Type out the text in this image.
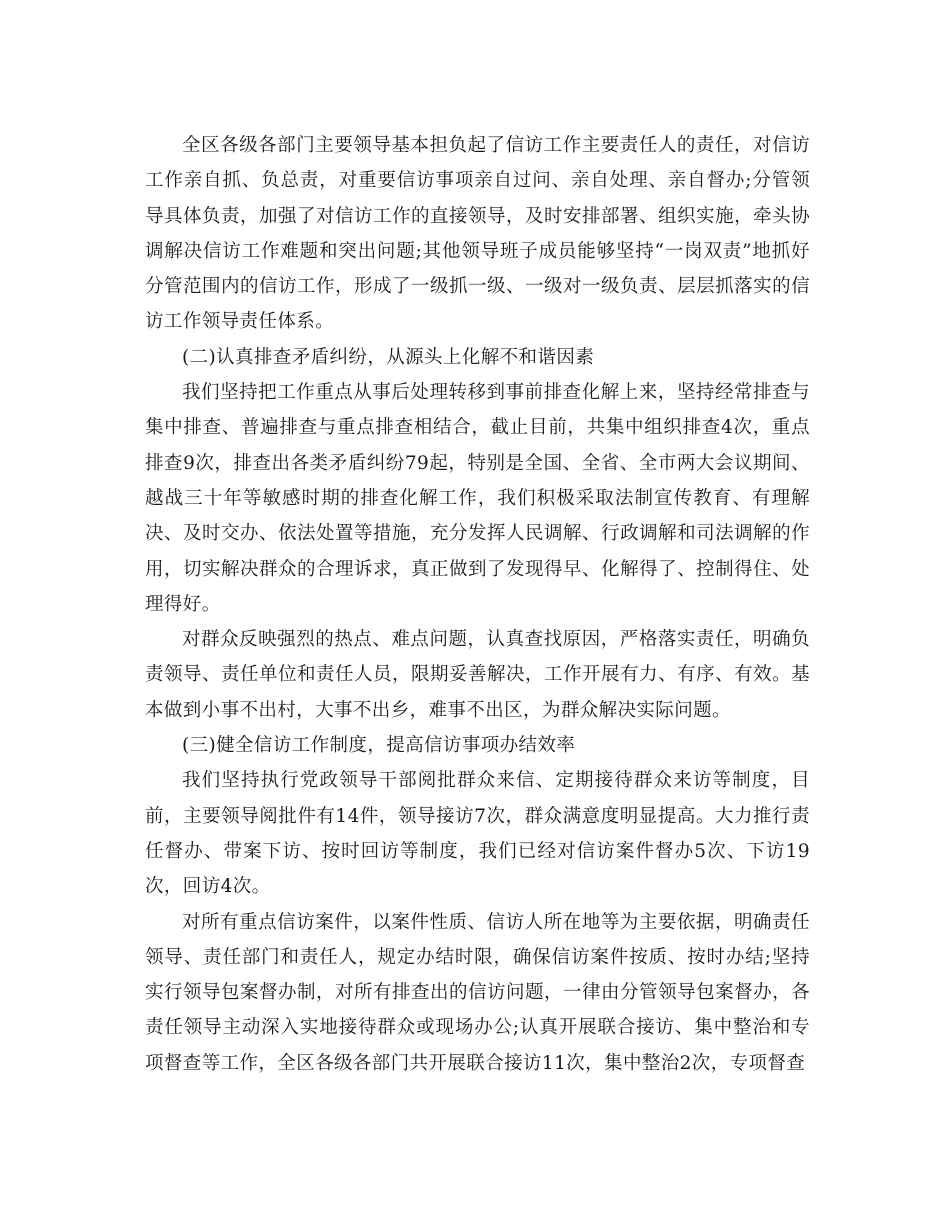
全区各级各部门主要领导基本担负起了信访工作主要责任人的责任，对信访工作亲自抓、负总责，对重要信访事项亲自过问、亲自处理、亲自督办;分管领导具体负责，加强了对信访工作的直接领导，及时安排部署、组织实施，牵头协调解决信访工作难题和突出问题;其他领导班子成员能够坚持“一岗双责”地抓好分管范围内的信访工作，形成了一级抓一级、一级对一级负责、层层抓落实的信访工作领导责任体系。

(二)认真排查矛盾纠纷，从源头上化解不和谐因素

我们坚持把工作重点从事后处理转移到事前排查化解上来，坚持经常排查与集中排查、普遍排查与重点排查相结合，截止目前，共集中组织排查4次，重点排查9次，排查出各类矛盾纠纷79起，特别是全国、全省、全市两大会议期间、越战三十年等敏感时期的排查化解工作，我们积极采取法制宣传教育、有理解决、及时交办、依法处置等措施，充分发挥人民调解、行政调解和司法调解的作用，切实解决群众的合理诉求，真正做到了发现得早、化解得了、控制得住、处理得好。

对群众反映强烈的热点、难点问题，认真查找原因，严格落实责任，明确负责领导、责任单位和责任人员，限期妥善解决，工作开展有力、有序、有效。基本做到小事不出村，大事不出乡，难事不出区，为群众解决实际问题。

(三)健全信访工作制度，提高信访事项办结效率

我们坚持执行党政领导干部阅批群众来信、定期接待群众来访等制度，目前，主要领导阅批件有14件，领导接访7次，群众满意度明显提高。大力推行责任督办、带案下访、按时回访等制度，我们已经对信访案件督办5次、下访19次，回访4次。

对所有重点信访案件，以案件性质、信访人所在地等为主要依据，明确责任领导、责任部门和责任人，规定办结时限，确保信访案件按质、按时办结;坚持实行领导包案督办制，对所有排查出的信访问题，一律由分管领导包案督办，各责任领导主动深入实地接待群众或现场办公;认真开展联合接访、集中整治和专项督查等工作，全区各级各部门共开展联合接访11次，集中整治2次，专项督查
